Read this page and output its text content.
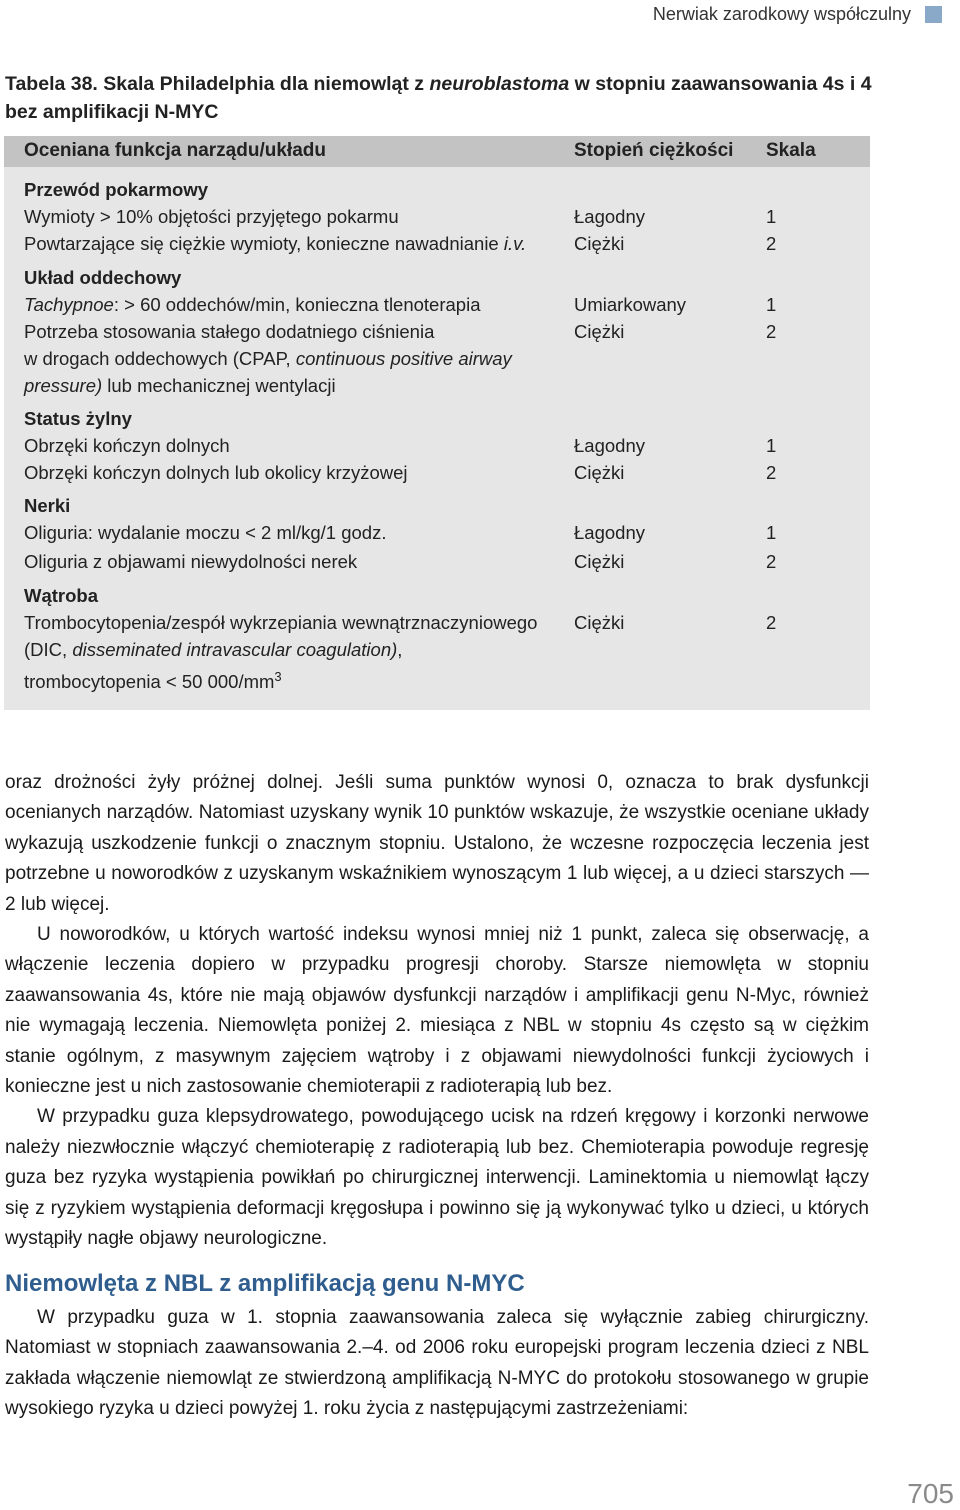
Nerwiak zarodkowy współczulny
Tabela 38. Skala Philadelphia dla niemowląt z neuroblastoma w stopniu zaawansowania 4s i 4 bez amplifikacji N-MYC
Oceniana funkcja narządu/układu	Stopień ciężkości Skala
Przewód pokarmowy
Wymioty > 10% objętości przyjętego pokarmu	Łagodny	1
Powtarzające się ciężkie wymioty, konieczne nawadnianie i.v.	Ciężki	2
Układ oddechowy
Tachypnoe: > 60 oddechów/min, konieczna tlenoterapia	Umiarkowany	1
Potrzeba stosowania stałego dodatniego ciśnienia
w drogach oddechowych (CPAP, continuous positive airway
pressure) lub mechanicznej wentylacji
Ciężki	2
Status żylny
Obrzęki kończyn dolnych	Łagodny	1
Obrzęki kończyn dolnych lub okolicy krzyżowej	Ciężki	2
Nerki
Oliguria: wydalanie moczu < 2 ml/kg/1 godz.	Łagodny	1
Oliguria z objawami niewydolności nerek	Ciężki	2
Wątroba
Trombocytopenia/zespół wykrzepiania wewnątrznaczyniowego
(DIC, disseminated intravascular coagulation),
trombocytopenia < 50 $000/mm^3$
Ciężki	2

oraz drożności żyły próżnej dolnej. Jeśli suma punktów wynosi 0, oznacza to brak dysfunkcji ocenianych narządów. Natomiast uzyskany wynik 10 punktów wskazuje, że wszystkie oceniane układy wykazują uszkodzenie funkcji o znacznym stopniu. Ustalono, że wczesne rozpoczęcia leczenia jest potrzebne u noworodków z uzyskanym wskaźnikiem wynoszącym 1 lub więcej, a u dzieci starszych — 2 lub więcej.

U noworodków, u których wartość indeksu wynosi mniej niż 1 punkt, zaleca się obserwację, a włączenie leczenia dopiero w przypadku progresji choroby. Starsze niemowlęta w stopniu zaawansowania 4s, które nie mają objawów dysfunkcji narządów i amplifikacji genu N-Myc, również nie wymagają leczenia. Niemowlęta poniżej 2. miesiąca z NBL w stopniu 4s często są w ciężkim stanie ogólnym, z masywnym zajęciem wątroby i z objawami niewydolności funkcji życiowych i konieczne jest u nich zastosowanie chemioterapii z radioterapią lub bez.

W przypadku guza klepsydrowatego, powodującego ucisk na rdzeń kręgowy i korzonki nerwowe należy niezwłocznie włączyć chemioterapię z radioterapią lub bez. Chemioterapia powoduje regresję guza bez ryzyka wystąpienia powikłań po chirurgicznej interwencji. Laminektomia u niemowląt łączy się z ryzykiem wystąpienia deformacji kręgosłupa i powinno się ją wykonywać tylko u dzieci, u których wystąpiły nagłe objawy neurologiczne.

Niemowlęta z NBL z amplifikacją genu N-MYC

W przypadku guza w 1. stopnia zaawansowania zaleca się wyłącznie zabieg chirurgiczny. Natomiast w stopniach zaawansowania 2.–4. od 2006 roku europejski program leczenia dzieci z NBL zakłada włączenie niemowląt ze stwierdzoną amplifikacją N-MYC do protokołu stosowanego w grupie wysokiego ryzyka u dzieci powyżej 1. roku życia z następującymi zastrzeżeniami:

705
